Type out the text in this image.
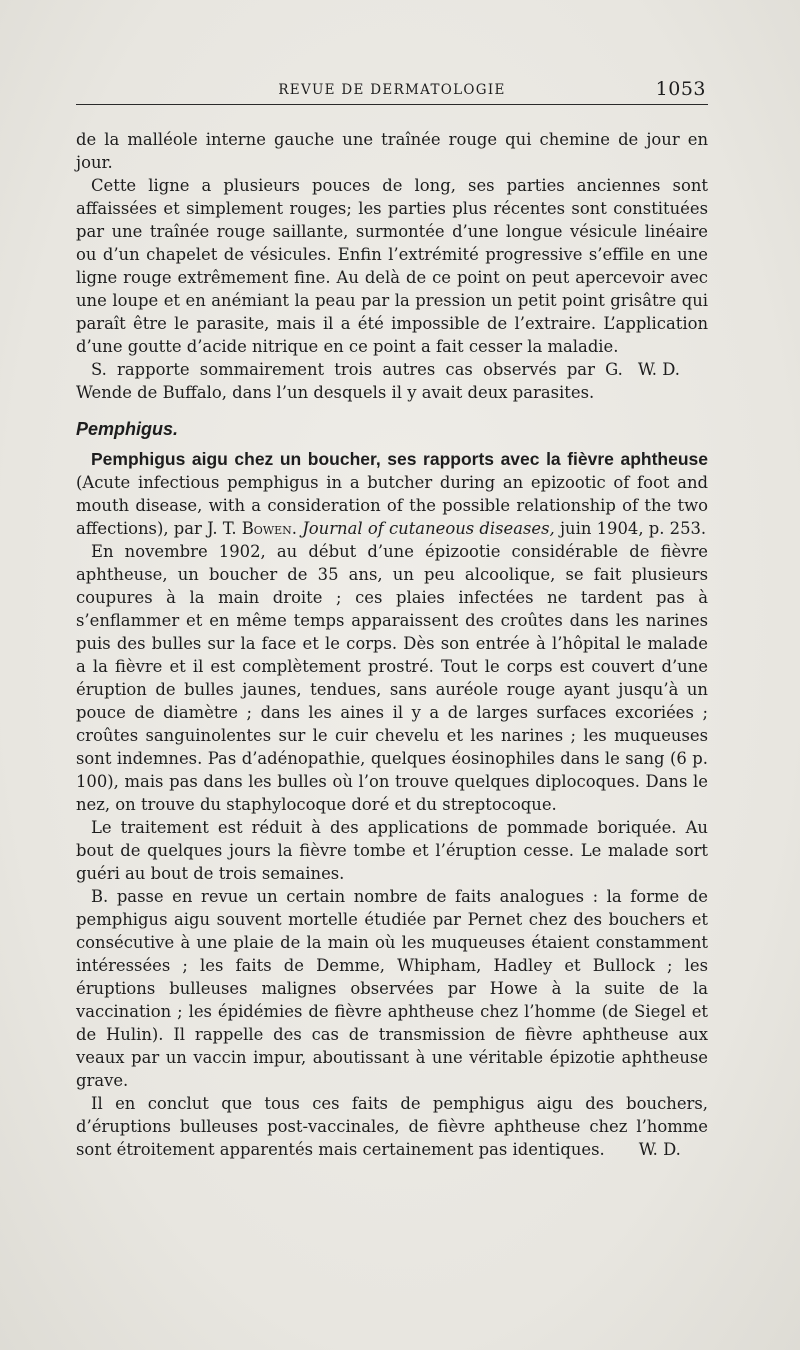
REVUE DE DERMATOLOGIE	1053

de la malléole interne gauche une traînée rouge qui chemine de jour en jour.

Cette ligne a plusieurs pouces de long, ses parties anciennes sont affaissées et simplement rouges; les parties plus récentes sont constituées par une traînée rouge saillante, surmontée d’une longue vésicule linéaire ou d’un chapelet de vésicules. Enfin l’extrémité progressive s’effile en une ligne rouge extrêmement fine. Au delà de ce point on peut apercevoir avec une loupe et en anémiant la peau par la pression un petit point grisâtre qui paraît être le parasite, mais il a été impossible de l’extraire. L’application d’une goutte d’acide nitrique en ce point a fait cesser la maladie.

S. rapporte sommairement trois autres cas observés par G. Wende de Buffalo, dans l’un desquels il y avait deux parasites.
W. D.

Pemphigus.

Pemphigus aigu chez un boucher, ses rapports avec la fièvre aphtheuse (Acute infectious pemphigus in a butcher during an epizootic of foot and mouth disease, with a consideration of the possible relationship of the two affections), par J. T. Bowen. Journal of cutaneous diseases, juin 1904, p. 253.

En novembre 1902, au début d’une épizootie considérable de fièvre aphtheuse, un boucher de 35 ans, un peu alcoolique, se fait plusieurs coupures à la main droite ; ces plaies infectées ne tardent pas à s’enflammer et en même temps apparaissent des croûtes dans les narines puis des bulles sur la face et le corps. Dès son entrée à l’hôpital le malade a la fièvre et il est complètement prostré. Tout le corps est couvert d’une éruption de bulles jaunes, tendues, sans auréole rouge ayant jusqu’à un pouce de diamètre ; dans les aines il y a de larges surfaces excoriées ; croûtes sanguinolentes sur le cuir chevelu et les narines ; les muqueuses sont indemnes. Pas d’adénopathie, quelques éosinophiles dans le sang (6 p. 100), mais pas dans les bulles où l’on trouve quelques diplocoques. Dans le nez, on trouve du staphylocoque doré et du streptocoque.

Le traitement est réduit à des applications de pommade boriquée. Au bout de quelques jours la fièvre tombe et l’éruption cesse. Le malade sort guéri au bout de trois semaines.

B. passe en revue un certain nombre de faits analogues : la forme de pemphigus aigu souvent mortelle étudiée par Pernet chez des bouchers et consécutive à une plaie de la main où les muqueuses étaient constamment intéressées ; les faits de Demme, Whipham, Hadley et Bullock ; les éruptions bulleuses malignes observées par Howe à la suite de la vaccination ; les épidémies de fièvre aphtheuse chez l’homme (de Siegel et de Hulin). Il rappelle des cas de transmission de fièvre aphtheuse aux veaux par un vaccin impur, aboutissant à une véritable épizotie aphtheuse grave.

Il en conclut que tous ces faits de pemphigus aigu des bouchers, d’éruptions bulleuses post-vaccinales, de fièvre aphtheuse chez l’homme sont étroitement apparentés mais certainement pas identiques. W. D.
